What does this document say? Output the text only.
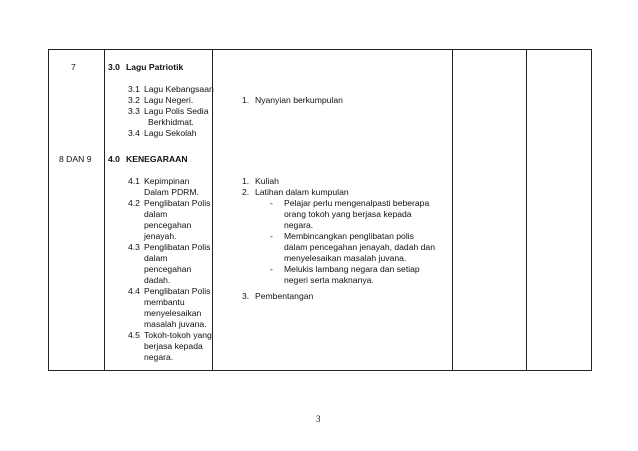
7	3.0 Lagu Patriotik
3.1 Lagu Kebangsaan
3.2 Lagu Negeri.
3.3 Lagu Polis Sedia
Berkhidmat.
3.4 Lagu Sekolah
1. Nyanyian berkumpulan
8 DAN 9 4.0 KENEGARAAN
4.1 Kepimpinan
Dalam PDRM.
4.2 Penglibatan Polis
dalam
pencegahan
jenayah.
4.3 Penglibatan Polis
dalam
pencegahan
dadah.
4.4 Penglibatan Polis
membantu
menyelesaikan
masalah juvana.
4.5 Tokoh-tokoh yang
berjasa kepada
negara.
1. Kuliah
2. Latihan dalam kumpulan
- Pelajar perlu mengenalpasti beberapa
orang tokoh yang berjasa kepada
negara.
- Membincangkan penglibatan polis
dalam pencegahan jenayah, dadah dan
menyelesaikan masalah juvana.
- Melukis lambang negara dan setiap
negeri serta maknanya.
3. Pembentangan
3
